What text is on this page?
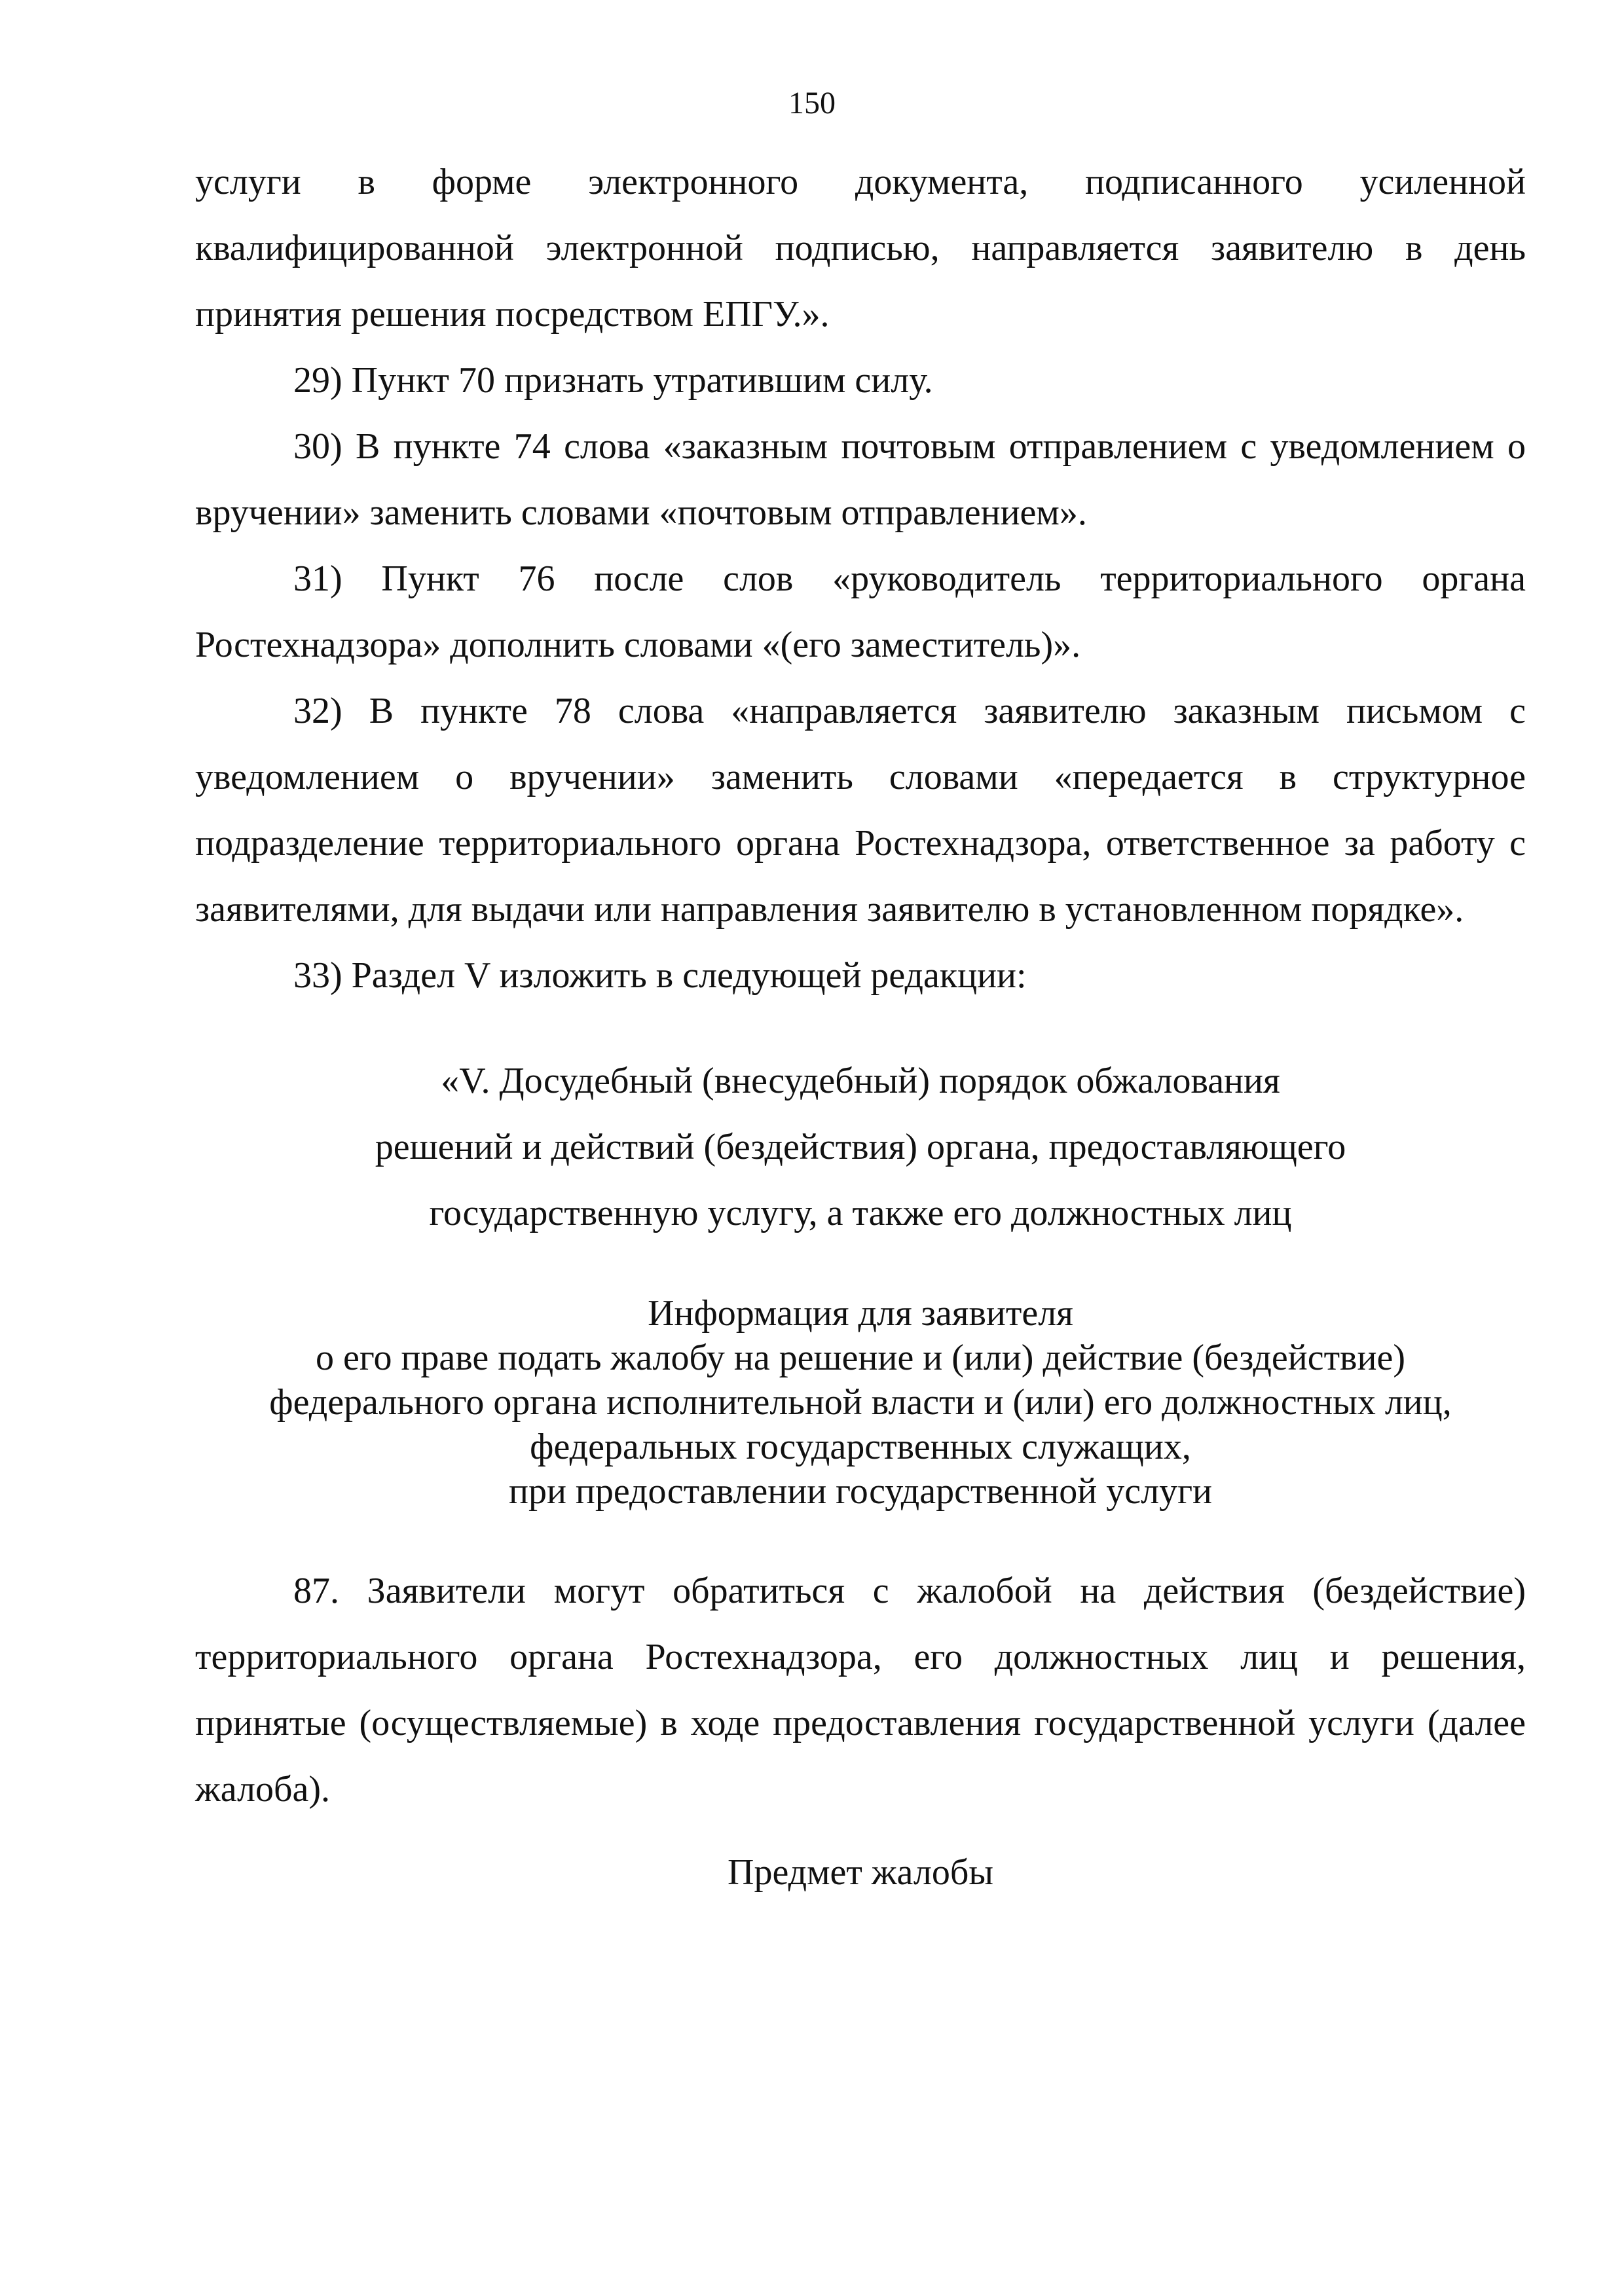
150

услуги в форме электронного документа, подписанного усиленной квалифицированной электронной подписью, направляется заявителю в день принятия решения посредством ЕПГУ.».

29) Пункт 70 признать утратившим силу.

30) В пункте 74 слова «заказным почтовым отправлением с уведомлением о вручении» заменить словами «почтовым отправлением».

31) Пункт 76 после слов «руководитель территориального органа Ростехнадзора» дополнить словами «(его заместитель)».

32) В пункте 78 слова «направляется заявителю заказным письмом с уведомлением о вручении» заменить словами «передается в структурное подразделение территориального органа Ростехнадзора, ответственное за работу с заявителями, для выдачи или направления заявителю в установленном порядке».

33) Раздел V изложить в следующей редакции:

«V. Досудебный (внесудебный) порядок обжалования
решений и действий (бездействия) органа, предоставляющего
государственную услугу, а также его должностных лиц

Информация для заявителя
о его праве подать жалобу на решение и (или) действие (бездействие)
федерального органа исполнительной власти и (или) его должностных лиц,
федеральных государственных служащих,
при предоставлении государственной услуги

87. Заявители могут обратиться с жалобой на действия (бездействие) территориального органа Ростехнадзора, его должностных лиц и решения, принятые (осуществляемые) в ходе предоставления государственной услуги (далее жалоба).

Предмет жалобы
